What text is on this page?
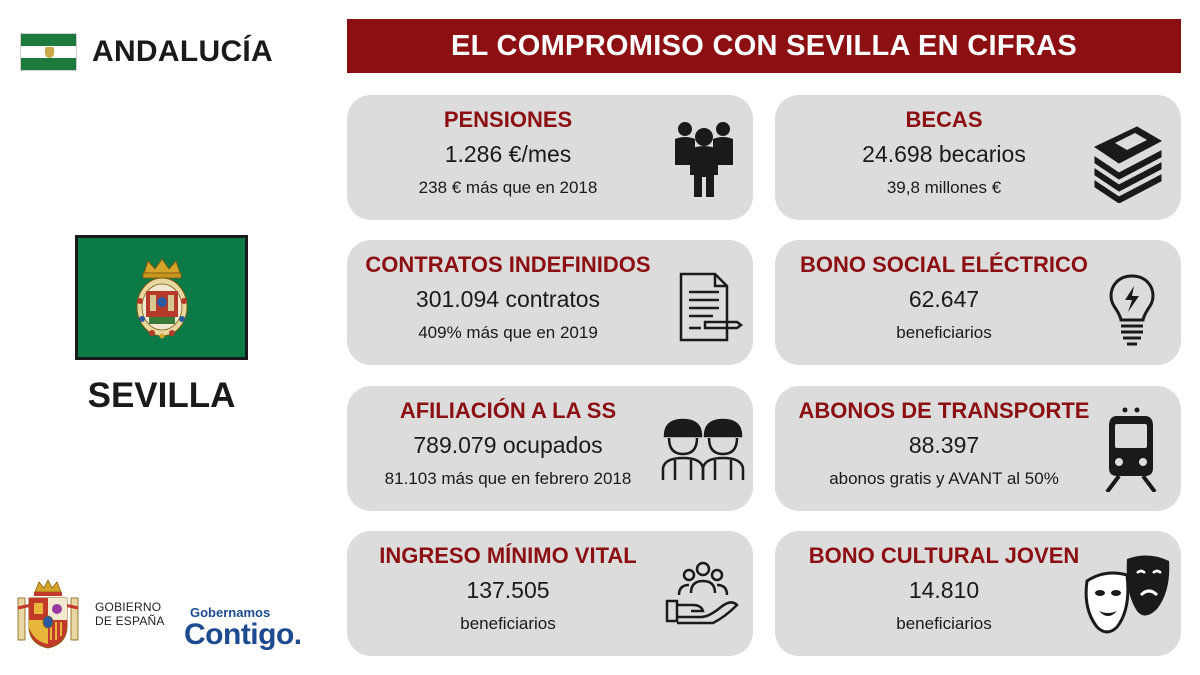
ANDALUCÍA
SEVILLA
GOBIERNO
DE ESPAÑA
Gobernamos
Contigo.
EL COMPROMISO CON SEVILLA EN CIFRAS
PENSIONES
1.286 €/mes
238 € más que en 2018
BECAS
24.698 becarios
39,8 millones €
CONTRATOS INDEFINIDOS
301.094 contratos
409% más que en 2019
BONO SOCIAL ELÉCTRICO
62.647
beneficiarios
AFILIACIÓN A LA SS
789.079 ocupados
81.103 más que en febrero 2018
ABONOS DE TRANSPORTE
88.397
abonos gratis y AVANT al 50%
INGRESO MÍNIMO VITAL
137.505
beneficiarios
BONO CULTURAL JOVEN
14.810
beneficiarios
